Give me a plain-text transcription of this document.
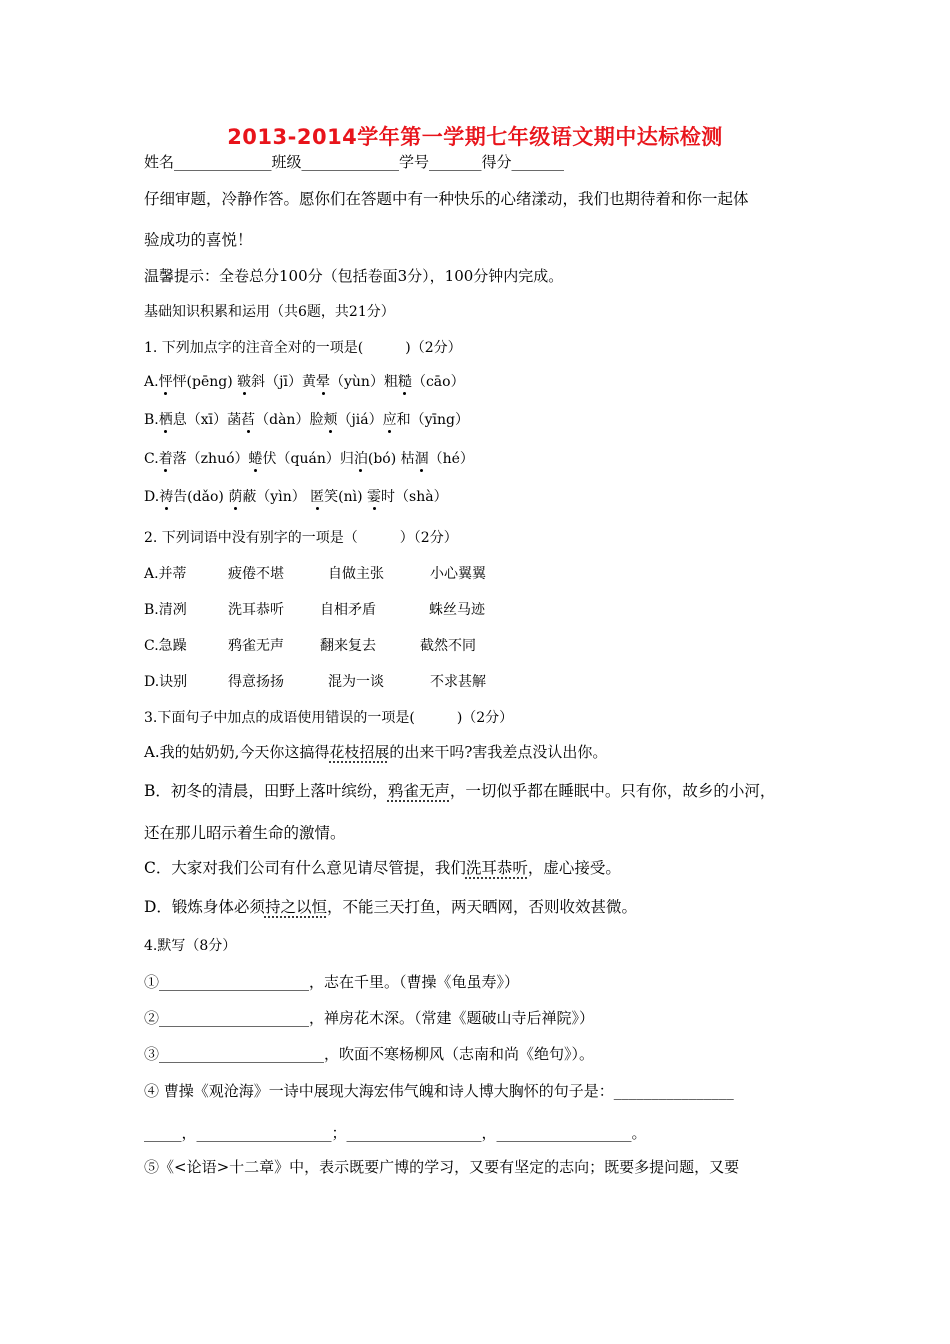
2013-2014学年第一学期七年级语文期中达标检测
姓名_____________班级_____________学号_______得分_______
仔细审题，冷静作答。愿你们在答题中有一种快乐的心绪漾动，我们也期待着和你一起体
验成功的喜悦！
温馨提示：全卷总分100分（包括卷面3分），100分钟内完成。
基础知识积累和运用（共6题，共21分）
1. 下列加点字的注音全对的一项是(　　　)（2分）
A.怦怦(pēng) 皲斜（jī）黄晕（yùn）粗糙（cāo）
B.栖息（xī）菡萏（dàn）脸颊（jiá）应和（yīng）
C.着落（zhuó）蜷伏（quán）归泊(bó) 枯涸（hé）
D.祷告(dǎo) 荫蔽（yìn） 匿笑(nì) 霎时（shà）
2. 下列词语中没有别字的一项是（　　　）（2分）
A.并蒂	疲倦不堪	自做主张	小心翼翼
B.清冽	洗耳恭听	自相矛盾	蛛丝马迹
C.急躁	鸦雀无声	翻来复去	截然不同
D.诀别	得意扬扬	混为一谈	不求甚解
3.下面句子中加点的成语使用错误的一项是(　　　)（2分）
A.我的姑奶奶,今天你这搞得花枝招展的出来干吗?害我差点没认出你。
B．初冬的清晨，田野上落叶缤纷，鸦雀无声，一切似乎都在睡眠中。只有你，故乡的小河，
还在那儿昭示着生命的激情。
C．大家对我们公司有什么意见请尽管提，我们洗耳恭听，虚心接受。
D．锻炼身体必须持之以恒，不能三天打鱼，两天晒网，否则收效甚微。
4.默写（8分）
①____________________，志在千里。（曹操《龟虽寿》）
②____________________，禅房花木深。（常建《题破山寺后禅院》）
③______________________，吹面不寒杨柳风（志南和尚《绝句》）。
④ 曹操《观沧海》一诗中展现大海宏伟气魄和诗人博大胸怀的句子是：________________
_____，__________________；__________________，__________________。
⑤《<论语>十二章》中，表示既要广博的学习，又要有坚定的志向；既要多提问题，又要
